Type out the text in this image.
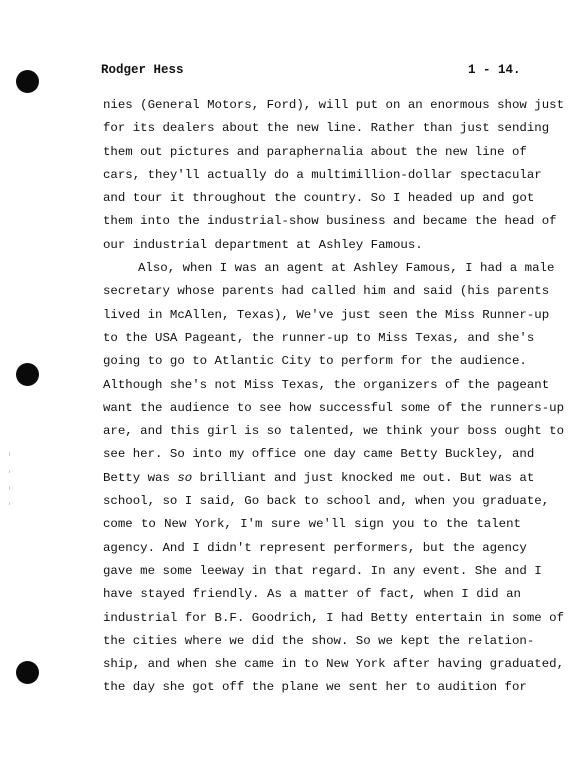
Rodger Hess	1 - 14.
nies (General Motors, Ford), will put on an enormous show just
for its dealers about the new line. Rather than just sending
them out pictures and paraphernalia about the new line of
cars, they'll actually do a multimillion-dollar spectacular
and tour it throughout the country. So I headed up and got
them into the industrial-show business and became the head of
our industrial department at Ashley Famous.
Also, when I was an agent at Ashley Famous, I had a male
secretary whose parents had called him and said (his parents
lived in McAllen, Texas), We've just seen the Miss Runner-up
to the USA Pageant, the runner-up to Miss Texas, and she's
going to go to Atlantic City to perform for the audience.
Although she's not Miss Texas, the organizers of the pageant
want the audience to see how successful some of the runners-up
are, and this girl is so talented, we think your boss ought to
see her. So into my office one day came Betty Buckley, and
Betty was so brilliant and just knocked me out. But was at
school, so I said, Go back to school and, when you graduate,
come to New York, I'm sure we'll sign you to the talent
agency. And I didn't represent performers, but the agency
gave me some leeway in that regard. In any event. She and I
have stayed friendly. As a matter of fact, when I did an
industrial for B.F. Goodrich, I had Betty entertain in some of
the cities where we did the show. So we kept the relation-
ship, and when she came in to New York after having graduated,
the day she got off the plane we sent her to audition for
